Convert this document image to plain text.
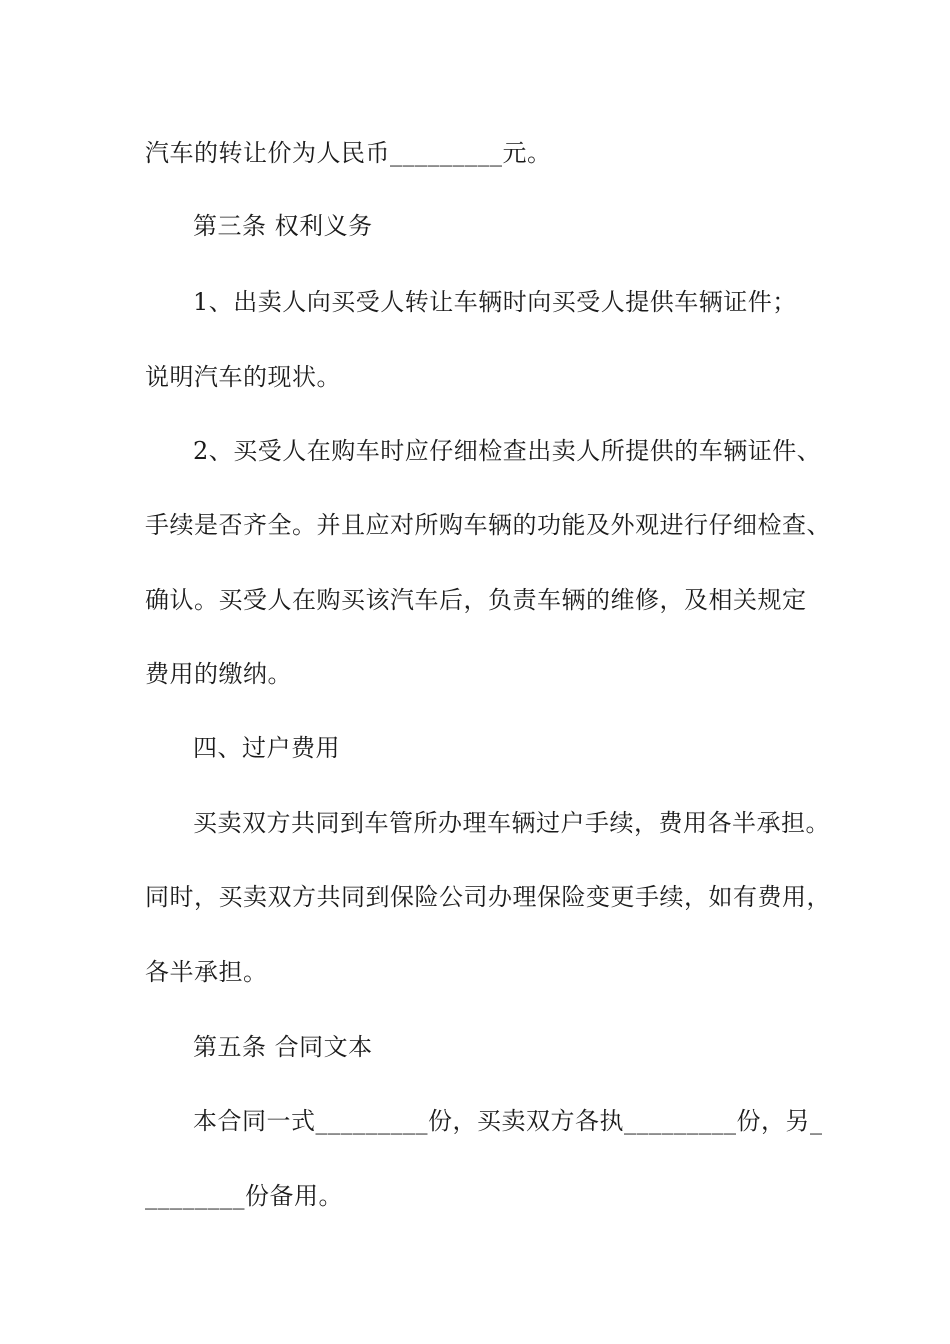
汽车的转让价为人民币_________元。
第三条 权利义务
1、出卖人向买受人转让车辆时向买受人提供车辆证件；
说明汽车的现状。
2、买受人在购车时应仔细检查出卖人所提供的车辆证件、
手续是否齐全。并且应对所购车辆的功能及外观进行仔细检查、
确认。买受人在购买该汽车后，负责车辆的维修，及相关规定
费用的缴纳。
四、过户费用
买卖双方共同到车管所办理车辆过户手续，费用各半承担。
同时，买卖双方共同到保险公司办理保险变更手续，如有费用，
各半承担。
第五条 合同文本
本合同一式_________份，买卖双方各执_________份，另_
________份备用。
